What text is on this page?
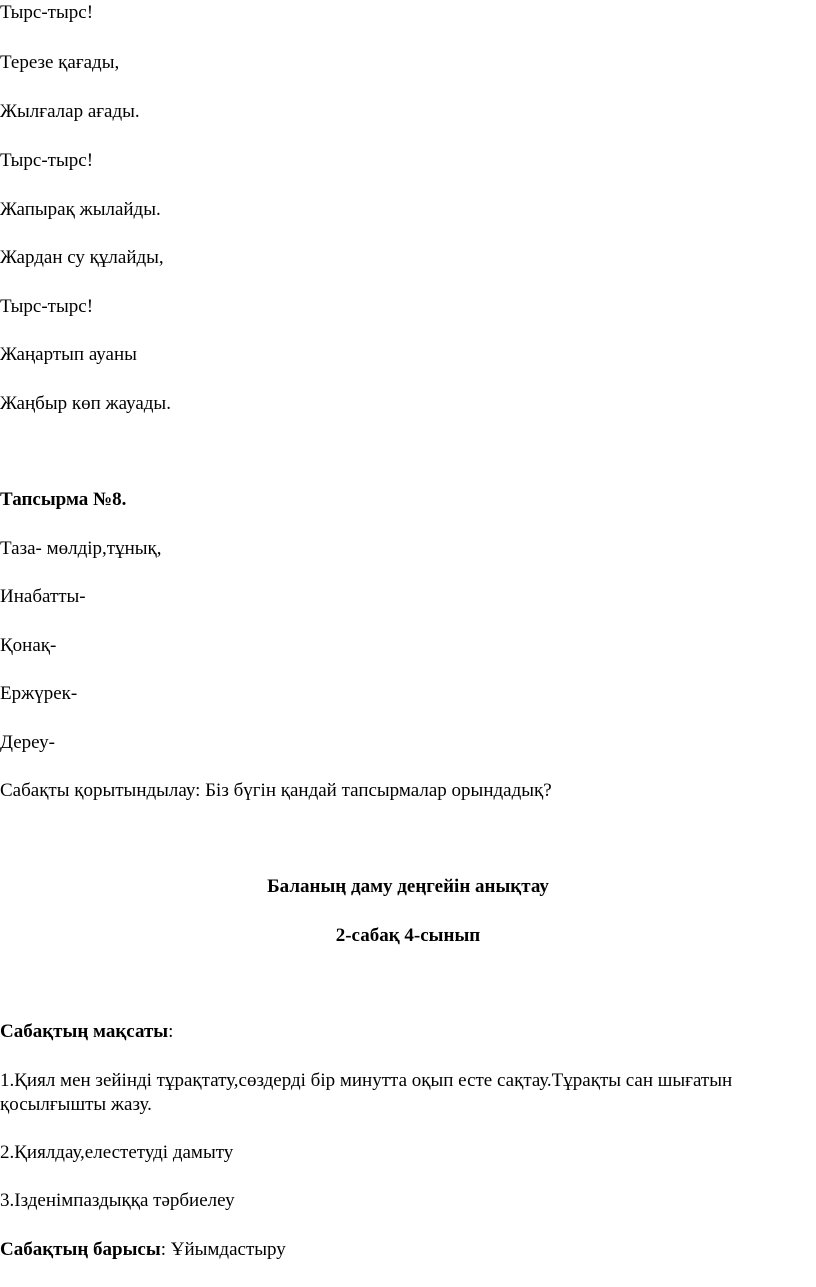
Тырс-тырс!
Терезе қағады,
Жылғалар ағады.
Тырс-тырс!
Жапырақ жылайды.
Жардан су құлайды,
Тырс-тырс!
Жаңартып ауаны
Жаңбыр көп жауады.
Тапсырма №8.
Таза- мөлдір,тұнық,
Инабатты-
Қонақ-
Ержүрек-
Дереу-
Сабақты қорытындылау: Біз бүгін қандай тапсырмалар орындадық?
Баланың даму деңгейін анықтау
2-сабақ 4-сынып
Сабақтың мақсаты:
1.Қиял мен зейінді тұрақтату,сөздерді бір минутта оқып есте сақтау.Тұрақты сан шығатын қосылғышты жазу.
2.Қиялдау,елестетуді дамыту
3.Ізденімпаздыққа тәрбиелеу
Сабақтың барысы: Ұйымдастыру
